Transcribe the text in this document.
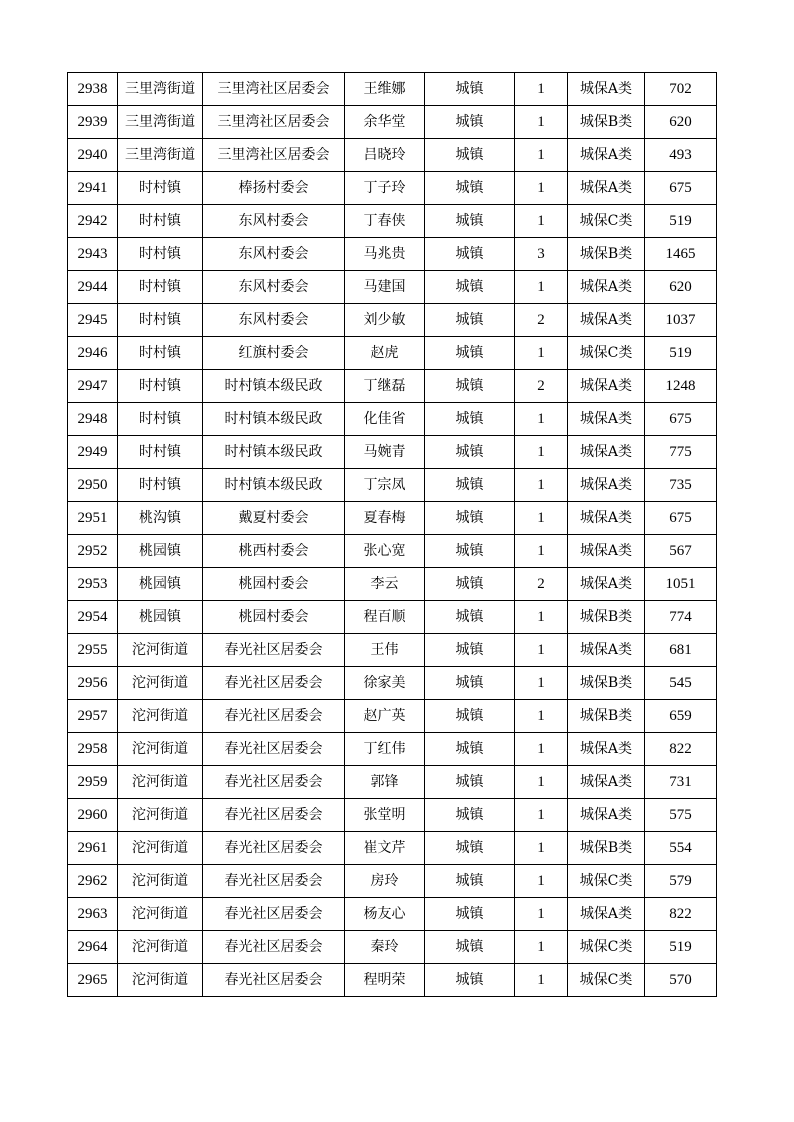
2938	三里湾街道	三里湾社区居委会	王维娜	城镇	1	城保A类	702
2939	三里湾街道	三里湾社区居委会	余华堂	城镇	1	城保B类	620
2940	三里湾街道	三里湾社区居委会	吕晓玲	城镇	1	城保A类	493
2941	时村镇	棒扬村委会	丁子玲	城镇	1	城保A类	675
2942	时村镇	东风村委会	丁春侠	城镇	1	城保C类	519
2943	时村镇	东风村委会	马兆贵	城镇	3	城保B类	1465
2944	时村镇	东风村委会	马建国	城镇	1	城保A类	620
2945	时村镇	东风村委会	刘少敏	城镇	2	城保A类	1037
2946	时村镇	红旗村委会	赵虎	城镇	1	城保C类	519
2947	时村镇	时村镇本级民政	丁继磊	城镇	2	城保A类	1248
2948	时村镇	时村镇本级民政	化佳省	城镇	1	城保A类	675
2949	时村镇	时村镇本级民政	马婉青	城镇	1	城保A类	775
2950	时村镇	时村镇本级民政	丁宗凤	城镇	1	城保A类	735
2951	桃沟镇	戴夏村委会	夏春梅	城镇	1	城保A类	675
2952	桃园镇	桃西村委会	张心宽	城镇	1	城保A类	567
2953	桃园镇	桃园村委会	李云	城镇	2	城保A类	1051
2954	桃园镇	桃园村委会	程百顺	城镇	1	城保B类	774
2955	沱河街道	春光社区居委会	王伟	城镇	1	城保A类	681
2956	沱河街道	春光社区居委会	徐家美	城镇	1	城保B类	545
2957	沱河街道	春光社区居委会	赵广英	城镇	1	城保B类	659
2958	沱河街道	春光社区居委会	丁红伟	城镇	1	城保A类	822
2959	沱河街道	春光社区居委会	郭锋	城镇	1	城保A类	731
2960	沱河街道	春光社区居委会	张堂明	城镇	1	城保A类	575
2961	沱河街道	春光社区居委会	崔文芹	城镇	1	城保B类	554
2962	沱河街道	春光社区居委会	房玲	城镇	1	城保C类	579
2963	沱河街道	春光社区居委会	杨友心	城镇	1	城保A类	822
2964	沱河街道	春光社区居委会	秦玲	城镇	1	城保C类	519
2965	沱河街道	春光社区居委会	程明荣	城镇	1	城保C类	570
